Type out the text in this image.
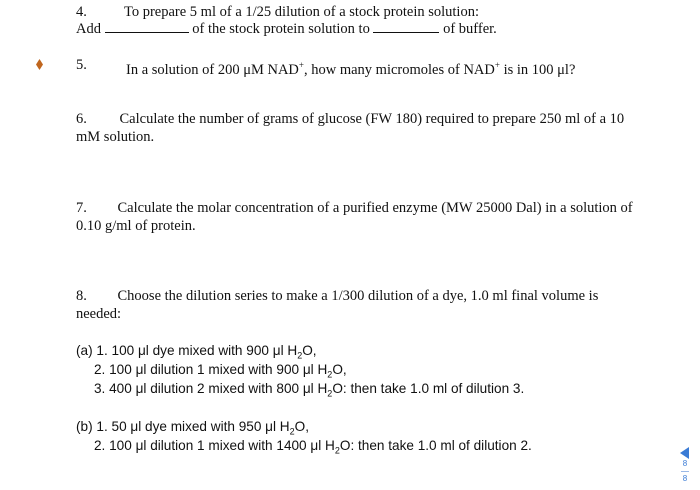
4.	To prepare 5 ml of a 1/25 dilution of a stock protein solution:
Add	of the stock protein solution to	of buffer.
5.	In a solution of 200 μM NAD+, how many micromoles of NAD+ is in 100 μl?
6. Calculate the number of grams of glucose (FW 180) required to prepare 250 ml of a 10
mM solution.
7. Calculate the molar concentration of a purified enzyme (MW 25000 Dal) in a solution of
0.10 g/ml of protein.
8. Choose the dilution series to make a 1/300 dilution of a dye, 1.0 ml final volume is
needed:
(a) 1. 100 μl dye mixed with 900 μl $H_2O$,
2. 100 μl dilution 1 mixed with 900 μl $H_2O$,
3. 400 μl dilution 2 mixed with 800 μl $H_2O$: then take 1.0 ml of dilution 3.
(b) 1. 50 μl dye mixed with 950 μl $H_2O$,
2. 100 μl dilution 1 mixed with 1400 μl $H_2O$: then take 1.0 ml of dilution 2.
8
8
